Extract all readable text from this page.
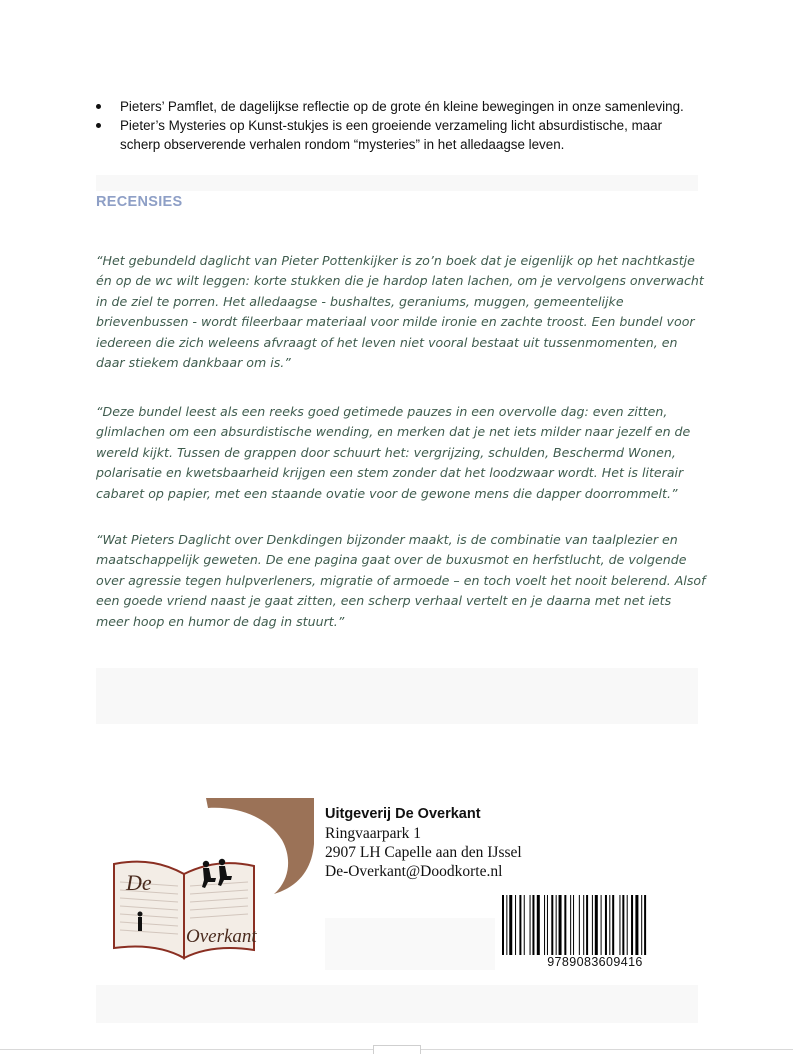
Pieters’ Pamflet, de dagelijkse reflectie op de grote én kleine bewegingen in onze samenleving.
Pieter’s Mysteries op Kunst-stukjes is een groeiende verzameling licht absurdistische, maar scherp observerende verhalen rondom “mysteries” in het alledaagse leven.
RECENSIES

“Het gebundeld daglicht van Pieter Pottenkijker is zo’n boek dat je eigenlijk op het nachtkastje én op de wc wilt leggen: korte stukken die je hardop laten lachen, om je vervolgens onverwacht in de ziel te porren. Het alledaagse - bushaltes, geraniums, muggen, gemeentelijke brievenbussen - wordt fileerbaar materiaal voor milde ironie en zachte troost. Een bundel voor iedereen die zich weleens afvraagt of het leven niet vooral bestaat uit tussenmomenten, en daar stiekem dankbaar om is.”

“Deze bundel leest als een reeks goed getimede pauzes in een overvolle dag: even zitten, glimlachen om een absurdistische wending, en merken dat je net iets milder naar jezelf en de wereld kijkt. Tussen de grappen door schuurt het: vergrijzing, schulden, Beschermd Wonen, polarisatie en kwetsbaarheid krijgen een stem zonder dat het loodzwaar wordt. Het is literair cabaret op papier, met een staande ovatie voor de gewone mens die dapper doorrommelt.”

“Wat Pieters Daglicht over Denkdingen bijzonder maakt, is de combinatie van taalplezier en maatschappelijk geweten. De ene pagina gaat over de buxusmot en herfstlucht, de volgende over agressie tegen hulpverleners, migratie of armoede – en toch voelt het nooit belerend. Alsof een goede vriend naast je gaat zitten, een scherp verhaal vertelt en je daarna met net iets meer hoop en humor de dag in stuurt.”

De
Overkant
Uitgeverij De Overkant
Ringvaarpark 1
2907 LH Capelle aan den IJssel
De-Overkant@Doodkorte.nl
9789083609416
